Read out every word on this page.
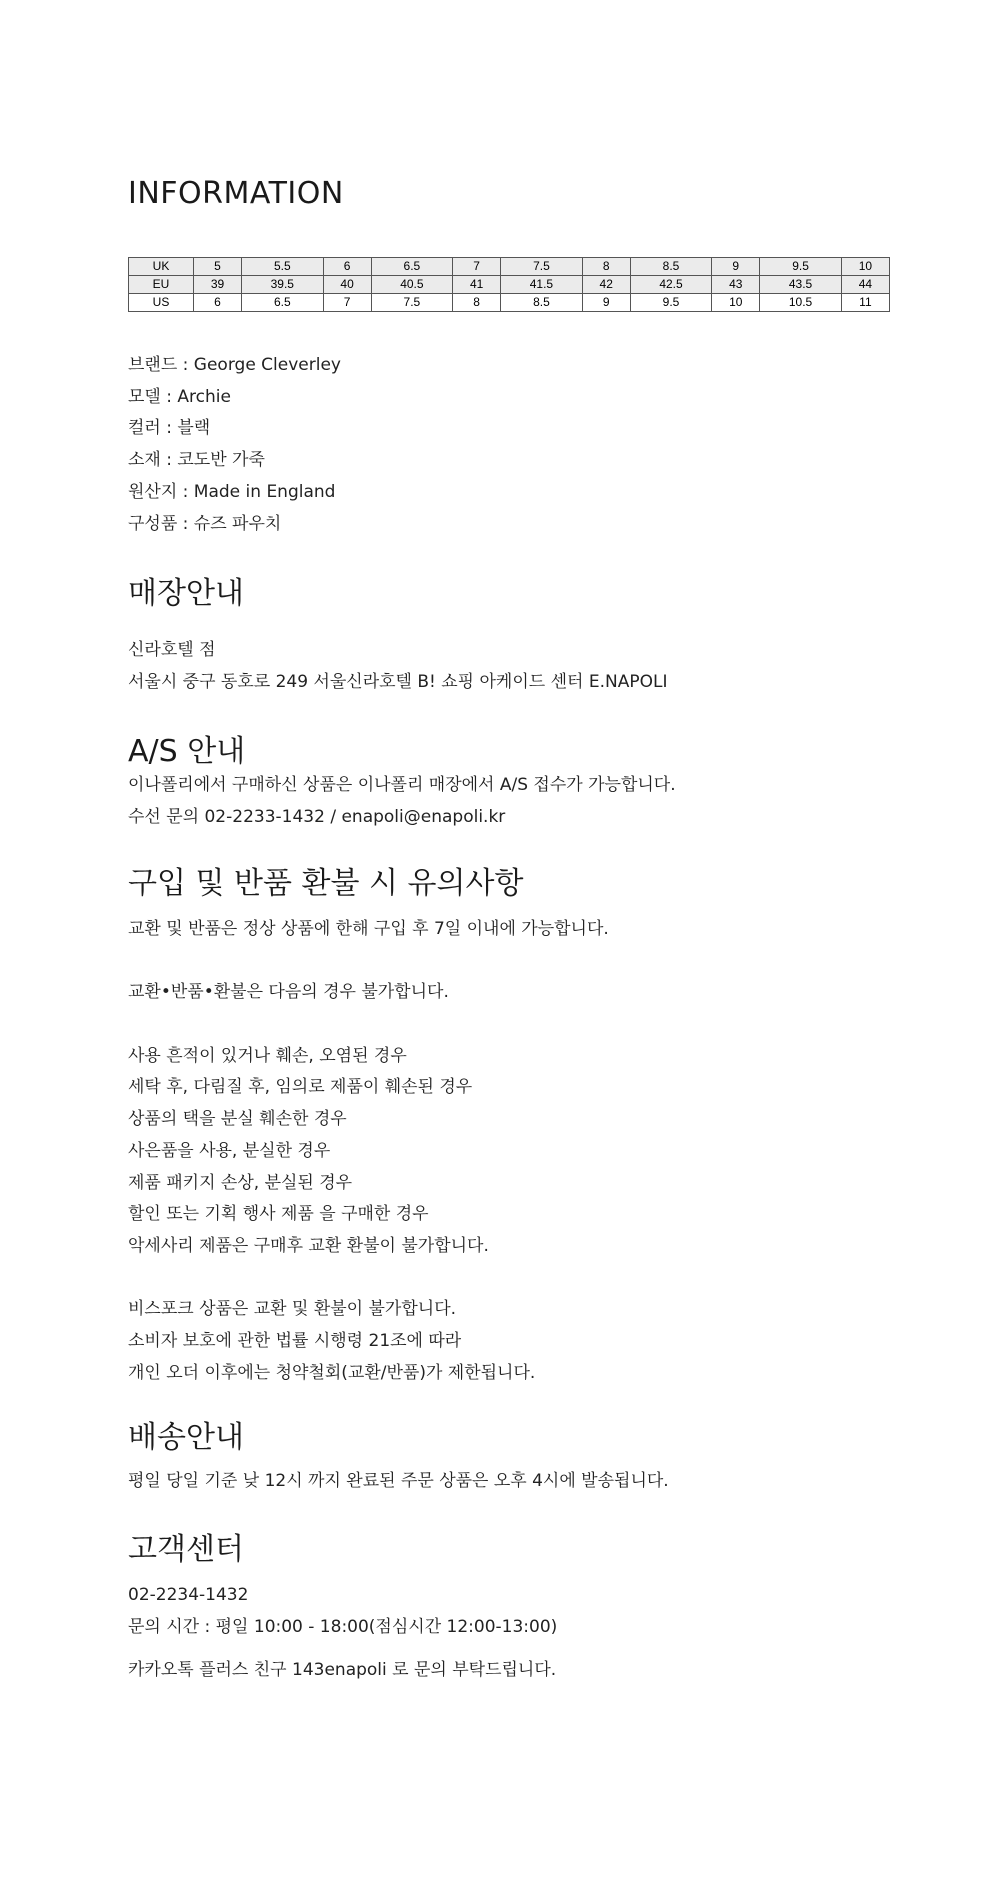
INFORMATION
UK	5	5.5	6	6.5	7	7.5	8	8.5	9	9.5	10
EU	39	39.5	40	40.5	41	41.5	42	42.5	43	43.5	44
US	6	6.5	7	7.5	8	8.5	9	9.5	10	10.5	11
브랜드 : George Cleverley
모델 : Archie
컬러 : 블랙
소재 : 코도반 가죽
원산지 : Made in England
구성품 : 슈즈 파우치
매장안내
신라호텔 점
서울시 중구 동호로 249 서울신라호텔 B! 쇼핑 아케이드 센터 E.NAPOLI
A/S 안내
이나폴리에서 구매하신 상품은 이나폴리 매장에서 A/S 접수가 가능합니다.
수선 문의 02-2233-1432 / enapoli@enapoli.kr
구입 및 반품 환불 시 유의사항
교환 및 반품은 정상 상품에 한해 구입 후 7일 이내에 가능합니다.
교환•반품•환불은 다음의 경우 불가합니다.
사용 흔적이 있거나 훼손, 오염된 경우
세탁 후, 다림질 후, 임의로 제품이 훼손된 경우
상품의 택을 분실 훼손한 경우
사은품을 사용, 분실한 경우
제품 패키지 손상, 분실된 경우
할인 또는 기획 행사 제품 을 구매한 경우
악세사리 제품은 구매후 교환 환불이 불가합니다.
비스포크 상품은 교환 및 환불이 불가합니다.
소비자 보호에 관한 법률 시행령 21조에 따라
개인 오더 이후에는 청약철회(교환/반품)가 제한됩니다.
배송안내
평일 당일 기준 낮 12시 까지 완료된 주문 상품은 오후 4시에 발송됩니다.
고객센터
02-2234-1432
문의 시간 : 평일 10:00 - 18:00(점심시간 12:00-13:00)
카카오톡 플러스 친구 143enapoli 로 문의 부탁드립니다.
